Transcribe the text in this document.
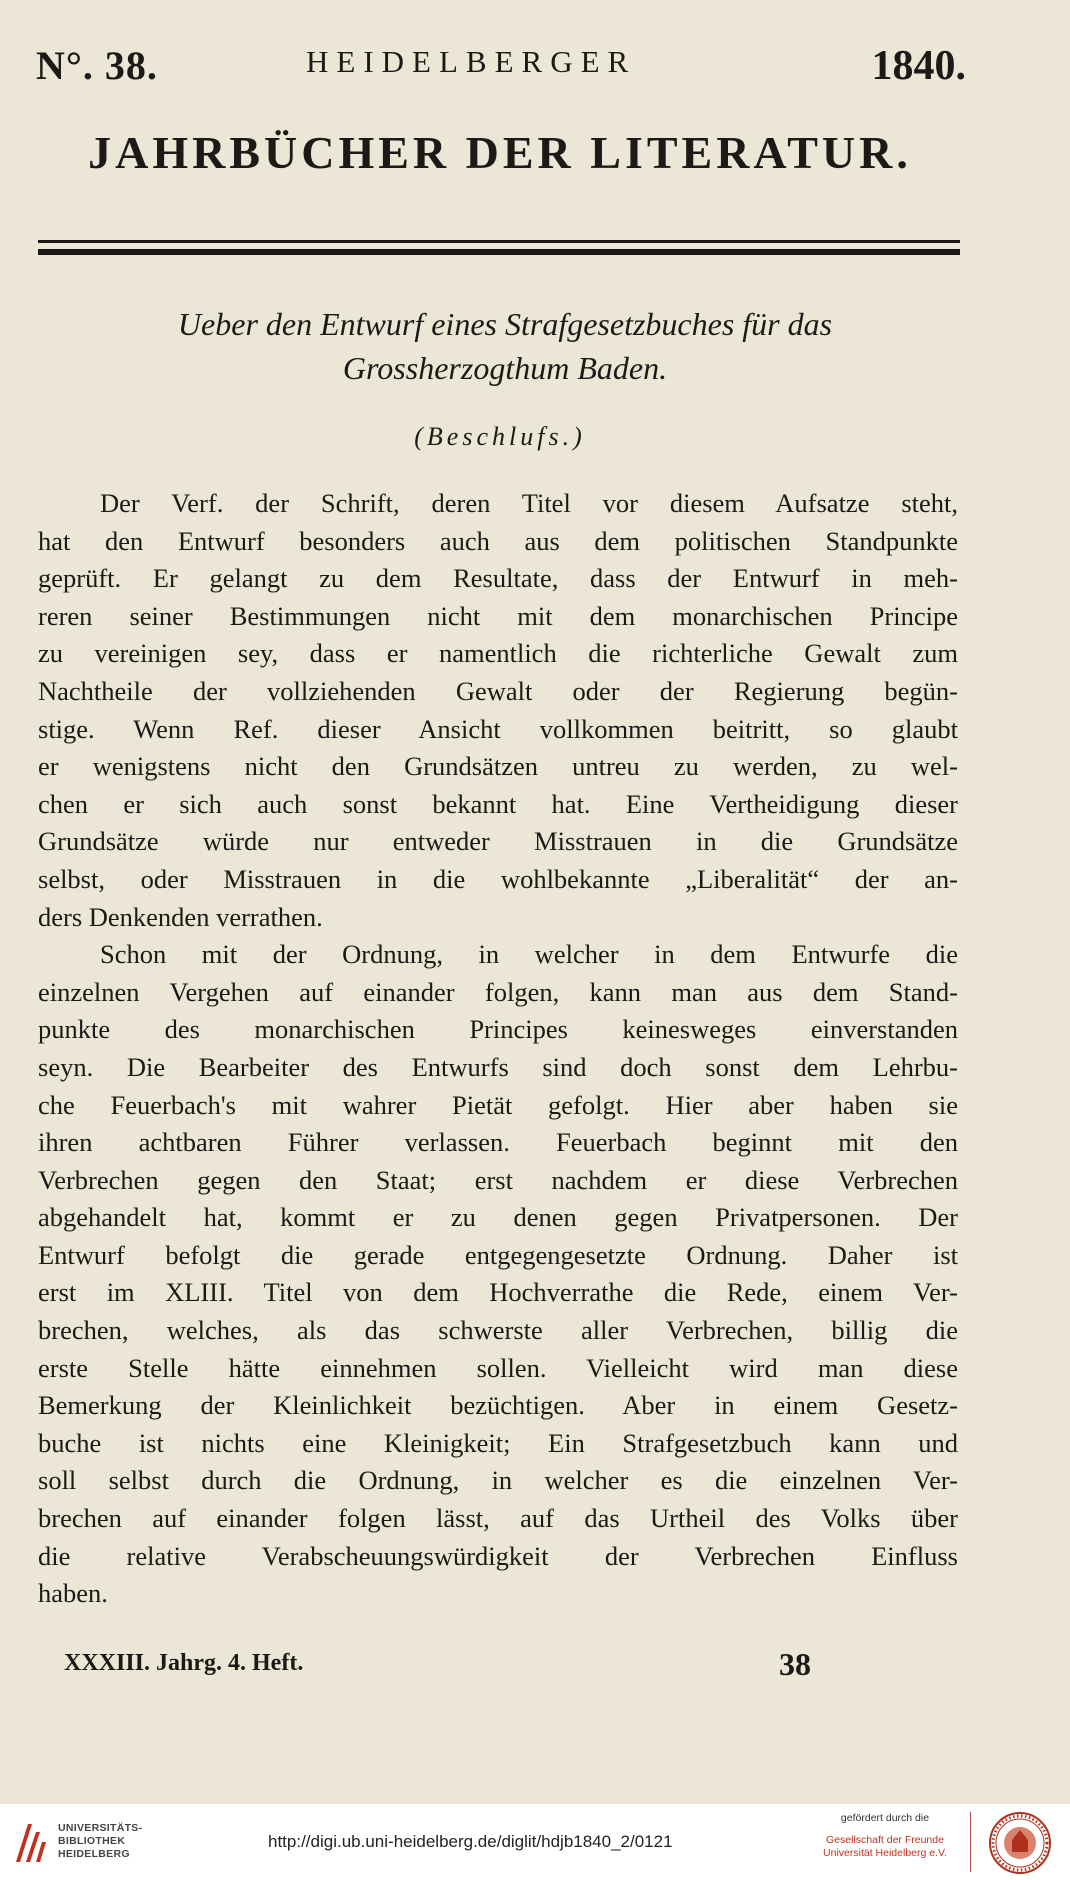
N°. 38.	HEIDELBERGER	1840.
JAHRBÜCHER DER LITERATUR.
Ueber den Entwurf eines Strafgesetzbuches für das
Grossherzogthum Baden.
(Beschlufs.)
Der Verf. der Schrift, deren Titel vor diesem Aufsatze steht,
hat den Entwurf besonders auch aus dem politischen Standpunkte
geprüft. Er gelangt zu dem Resultate, dass der Entwurf in meh-
reren seiner Bestimmungen nicht mit dem monarchischen Principe
zu vereinigen sey, dass er namentlich die richterliche Gewalt zum
Nachtheile der vollziehenden Gewalt oder der Regierung begün-
stige. Wenn Ref. dieser Ansicht vollkommen beitritt, so glaubt
er wenigstens nicht den Grundsätzen untreu zu werden, zu wel-
chen er sich auch sonst bekannt hat. Eine Vertheidigung dieser
Grundsätze würde nur entweder Misstrauen in die Grundsätze
selbst, oder Misstrauen in die wohlbekannte „Liberalität“ der an-
ders Denkenden verrathen.
Schon mit der Ordnung, in welcher in dem Entwurfe die
einzelnen Vergehen auf einander folgen, kann man aus dem Stand-
punkte des monarchischen Principes keinesweges einverstanden
seyn. Die Bearbeiter des Entwurfs sind doch sonst dem Lehrbu-
che Feuerbach's mit wahrer Pietät gefolgt. Hier aber haben sie
ihren achtbaren Führer verlassen. Feuerbach beginnt mit den
Verbrechen gegen den Staat; erst nachdem er diese Verbrechen
abgehandelt hat, kommt er zu denen gegen Privatpersonen. Der
Entwurf befolgt die gerade entgegengesetzte Ordnung. Daher ist
erst im XLIII. Titel von dem Hochverrathe die Rede, einem Ver-
brechen, welches, als das schwerste aller Verbrechen, billig die
erste Stelle hätte einnehmen sollen. Vielleicht wird man diese
Bemerkung der Kleinlichkeit bezüchtigen. Aber in einem Gesetz-
buche ist nichts eine Kleinigkeit; Ein Strafgesetzbuch kann und
soll selbst durch die Ordnung, in welcher es die einzelnen Ver-
brechen auf einander folgen lässt, auf das Urtheil des Volks über
die relative Verabscheuungswürdigkeit der Verbrechen Einfluss
haben.
XXXIII. Jahrg. 4. Heft.	38
UNIVERSITÄTS-
BIBLIOTHEK
HEIDELBERG
http://digi.ub.uni-heidelberg.de/diglit/hdjb1840_2/0121
gefördert durch die
Gesellschaft der Freunde
Universität Heidelberg e.V.
